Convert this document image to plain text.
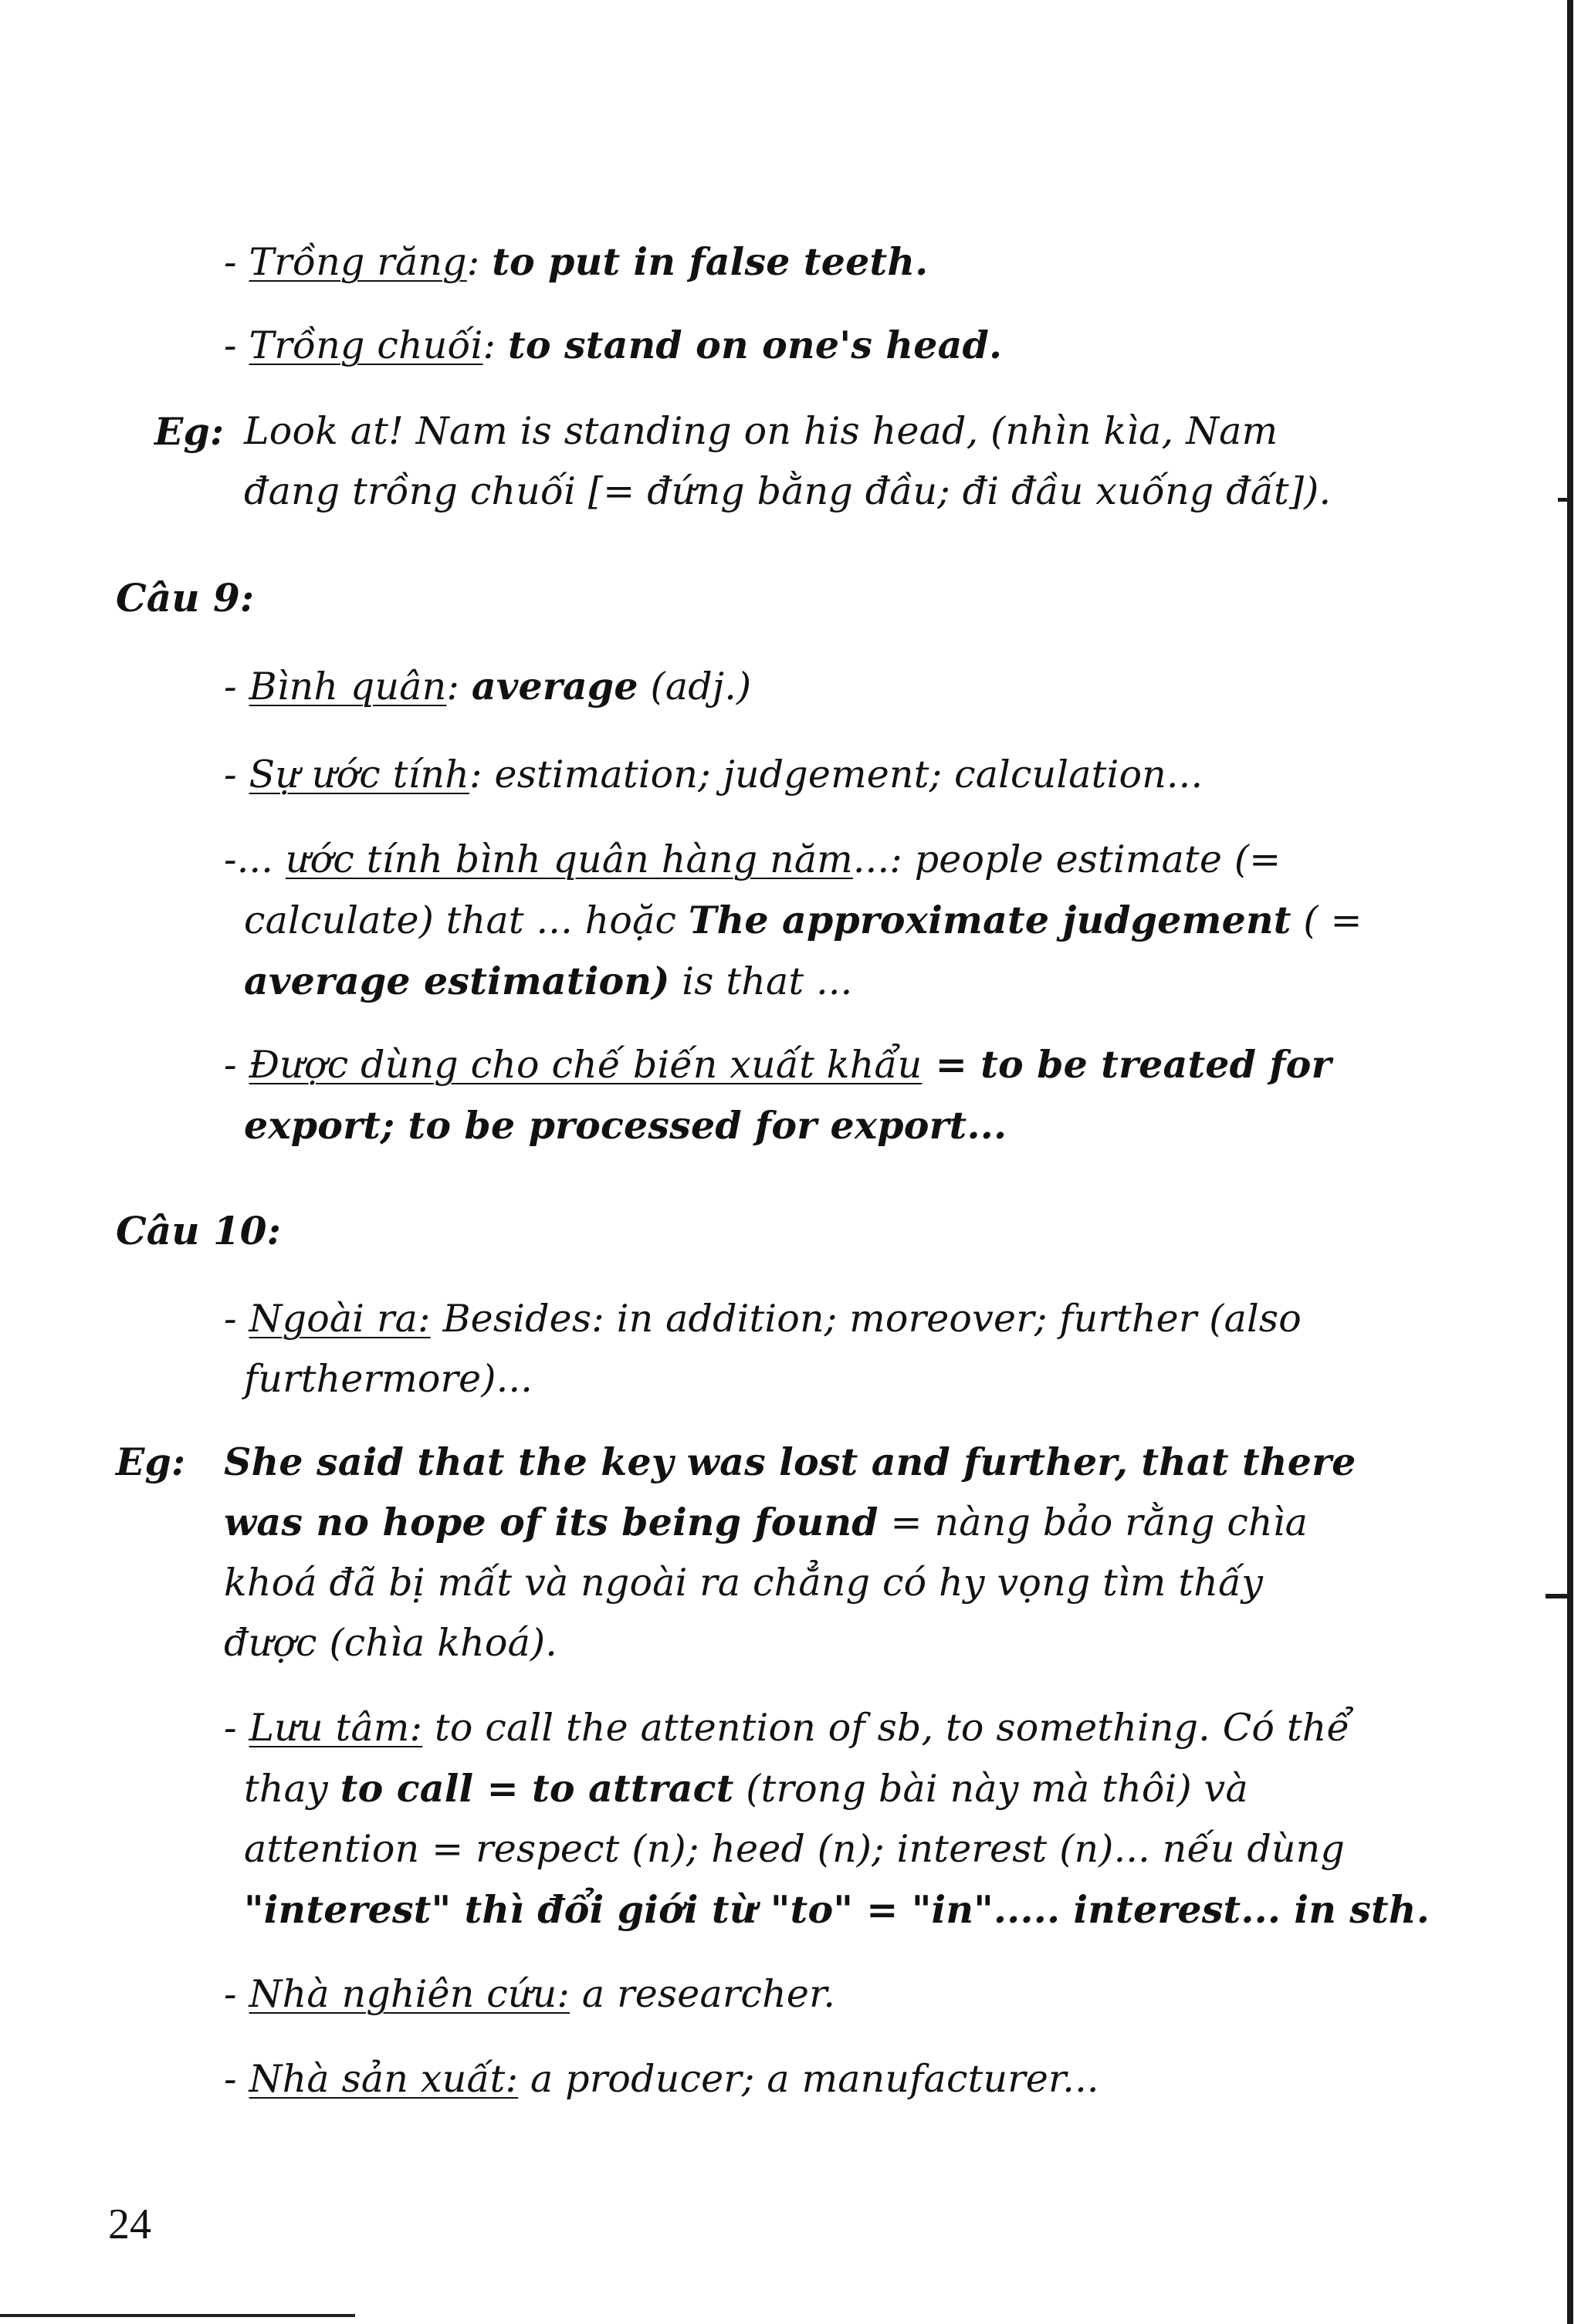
- Trồng răng: to put in false teeth.
- Trồng chuối: to stand on one's head.
Eg: Look at! Nam is standing on his head, (nhìn kìa, Nam
đang trồng chuối [= đứng bằng đầu; đi đầu xuống đất]).
Câu 9:
- Bình quân: average (adj.)
- Sự ước tính: estimation; judgement; calculation...
-... ước tính bình quân hàng năm...: people estimate (=
calculate) that ... hoặc The approximate judgement ( =
average estimation) is that ...
- Được dùng cho chế biến xuất khẩu = to be treated for
export; to be processed for export...
Câu 10:
- Ngoài ra: Besides: in addition; moreover; further (also
furthermore)...
Eg: She said that the key was lost and further, that there
was no hope of its being found = nàng bảo rằng chìa
khoá đã bị mất và ngoài ra chẳng có hy vọng tìm thấy
được (chìa khoá).
- Lưu tâm: to call the attention of sb, to something. Có thể
thay to call = to attract (trong bài này mà thôi) và
attention = respect (n); heed (n); interest (n)... nếu dùng
"interest" thì đổi giới từ "to" = "in"..... interest... in sth.
- Nhà nghiên cứu: a researcher.
- Nhà sản xuất: a producer; a manufacturer...
24
